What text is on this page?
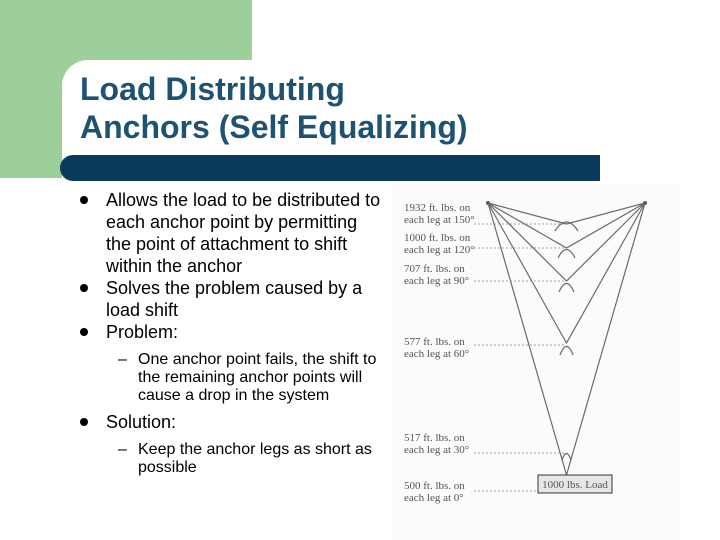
Load Distributing
Anchors (Self Equalizing)
Allows the load to be distributed to each anchor point by permitting the point of attachment to shift within the anchor
Solves the problem caused by a load shift
Problem:
– One anchor point fails, the shift to the remaining anchor points will cause a drop in the system
Solution:
– Keep the anchor legs as short as possible
1932 ft. lbs. on
each leg at 150°
1000 ft. lbs. on
each leg at 120°
707 ft. lbs. on
each leg at 90°
577 ft. lbs. on
each leg at 60°
517 ft. lbs. on
each leg at 30°
500 ft. lbs. on
each leg at 0°
1000 lbs. Load
